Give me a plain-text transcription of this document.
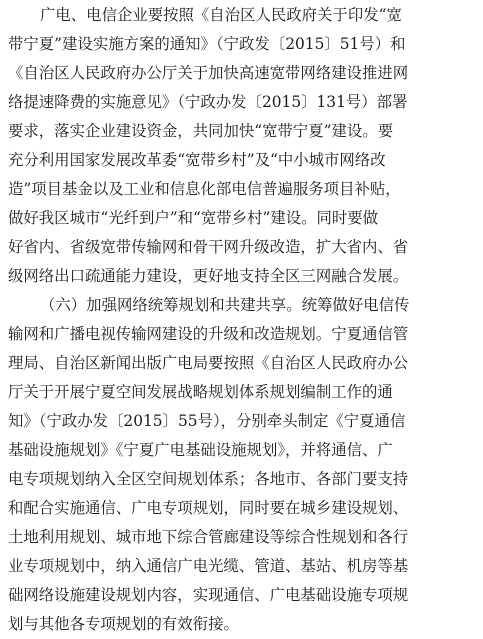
广电、电信企业要按照《自治区人民政府关于印发“宽
带宁夏”建设实施方案的通知》（宁政发〔2015〕51号）和
《自治区人民政府办公厅关于加快高速宽带网络建设推进网
络提速降费的实施意见》（宁政办发〔2015〕131号）部署
要求，落实企业建设资金，共同加快“宽带宁夏”建设。要
充分利用国家发展改革委“宽带乡村”及“中小城市网络改
造”项目基金以及工业和信息化部电信普遍服务项目补贴，
做好我区城市“光纤到户”和“宽带乡村”建设。同时要做
好省内、省级宽带传输网和骨干网升级改造，扩大省内、省
级网络出口疏通能力建设，更好地支持全区三网融合发展。
（六）加强网络统筹规划和共建共享。统筹做好电信传
输网和广播电视传输网建设的升级和改造规划。宁夏通信管
理局、自治区新闻出版广电局要按照《自治区人民政府办公
厅关于开展宁夏空间发展战略规划体系规划编制工作的通
知》（宁政办发〔2015〕55号），分别牵头制定《宁夏通信
基础设施规划》《宁夏广电基础设施规划》，并将通信、广
电专项规划纳入全区空间规划体系；各地市、各部门要支持
和配合实施通信、广电专项规划，同时要在城乡建设规划、
土地利用规划、城市地下综合管廊建设等综合性规划和各行
业专项规划中，纳入通信广电光缆、管道、基站、机房等基
础网络设施建设规划内容，实现通信、广电基础设施专项规
划与其他各专项规划的有效衔接。
